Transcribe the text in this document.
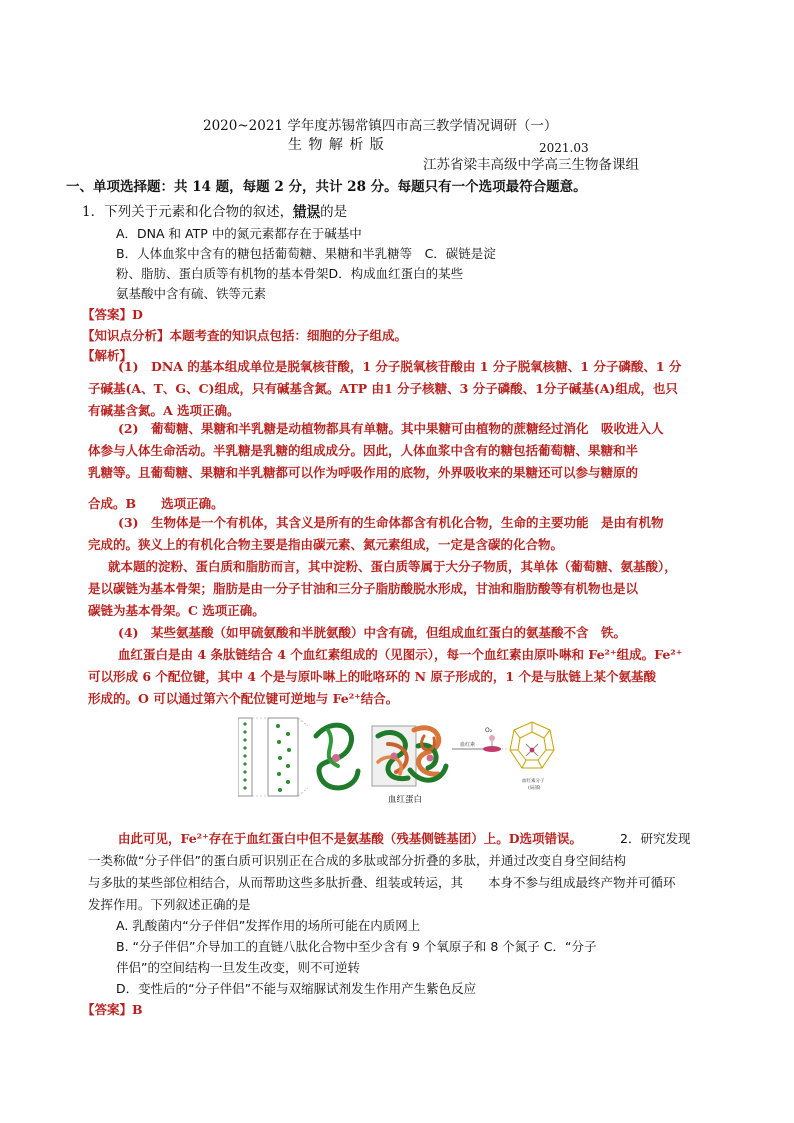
2020~2021 学年度苏锡常镇四市高三教学情况调研（一）
生 物 解 析 版	2021.03
江苏省梁丰高级中学高三生物备课组
一、单项选择题：共 14 题，每题 2 分，共计 28 分。每题只有一个选项最符合题意。
1．下列关于元素和化合物的叙述，错误的是
A．DNA 和 ATP 中的氮元素都存在于碱基中
B．人体血浆中含有的糖包括葡萄糖、果糖和半乳糖等　C．碳链是淀
粉、脂肪、蛋白质等有机物的基本骨架D．构成血红蛋白的某些
氨基酸中含有硫、铁等元素
【答案】D
【知识点分析】本题考查的知识点包括：细胞的分子组成。
【解析】
(1)　DNA 的基本组成单位是脱氧核苷酸，1 分子脱氧核苷酸由 1 分子脱氧核糖、1 分子磷酸、1 分
子碱基(A、T、G、C)组成，只有碱基含氮。ATP 由1 分子核糖、3 分子磷酸、1分子碱基(A)组成，也只
有碱基含氮。A 选项正确。
(2)　葡萄糖、果糖和半乳糖是动植物都具有单糖。其中果糖可由植物的蔗糖经过消化　吸收进入人
体参与人体生命活动。半乳糖是乳糖的组成成分。因此，人体血浆中含有的糖包括葡萄糖、果糖和半
乳糖等。且葡萄糖、果糖和半乳糖都可以作为呼吸作用的底物，外界吸收来的果糖还可以参与糖原的
合成。B　　选项正确。
(3)　生物体是一个有机体，其含义是所有的生命体都含有机化合物，生命的主要功能　是由有机物
完成的。狭义上的有机化合物主要是指由碳元素、氮元素组成，一定是含碳的化合物。
就本题的淀粉、蛋白质和脂肪而言，其中淀粉、蛋白质等属于大分子物质，其单体（葡萄糖、氨基酸），
是以碳链为基本骨架；脂肪是由一分子甘油和三分子脂肪酸脱水形成，甘油和脂肪酸等有机物也是以
碳链为基本骨架。C 选项正确。
血红素
O₂
血红蛋白
血红素分子
(局部)
由此可见，Fe²⁺存在于血红蛋白中但不是氨基酸（残基侧链基团）上。D选项错误。	2．研究发现
一类称做“分子伴侣”的蛋白质可识别正在合成的多肽或部分折叠的多肽，并通过改变自身空间结构
与多肽的某些部位相结合，从而帮助这些多肽折叠、组装或转运，其　　本身不参与组成最终产物并可循环
发挥作用。下列叙述正确的是
A. 乳酸菌内“分子伴侣”发挥作用的场所可能在内质网上
B. “分子伴侣”介导加工的直链八肽化合物中至少含有 9 个氧原子和 8 个氮子 C．“分子
伴侣”的空间结构一旦发生改变，则不可逆转
D．变性后的“分子伴侣”不能与双缩脲试剂发生作用产生紫色反应
【答案】B
(4)　某些氨基酸（如甲硫氨酸和半胱氨酸）中含有硫，但组成血红蛋白的氨基酸不含　铁。
血红蛋白是由 4 条肽链结合 4 个血红素组成的（见图示），每一个血红素由原卟啉和 Fe²⁺组成。Fe²⁺
可以形成 6 个配位键，其中 4 个是与原卟啉上的吡咯环的 N 原子形成的，1 个是与肽链上某个氨基酸
形成的。O 可以通过第六个配位键可逆地与 Fe²⁺结合。
